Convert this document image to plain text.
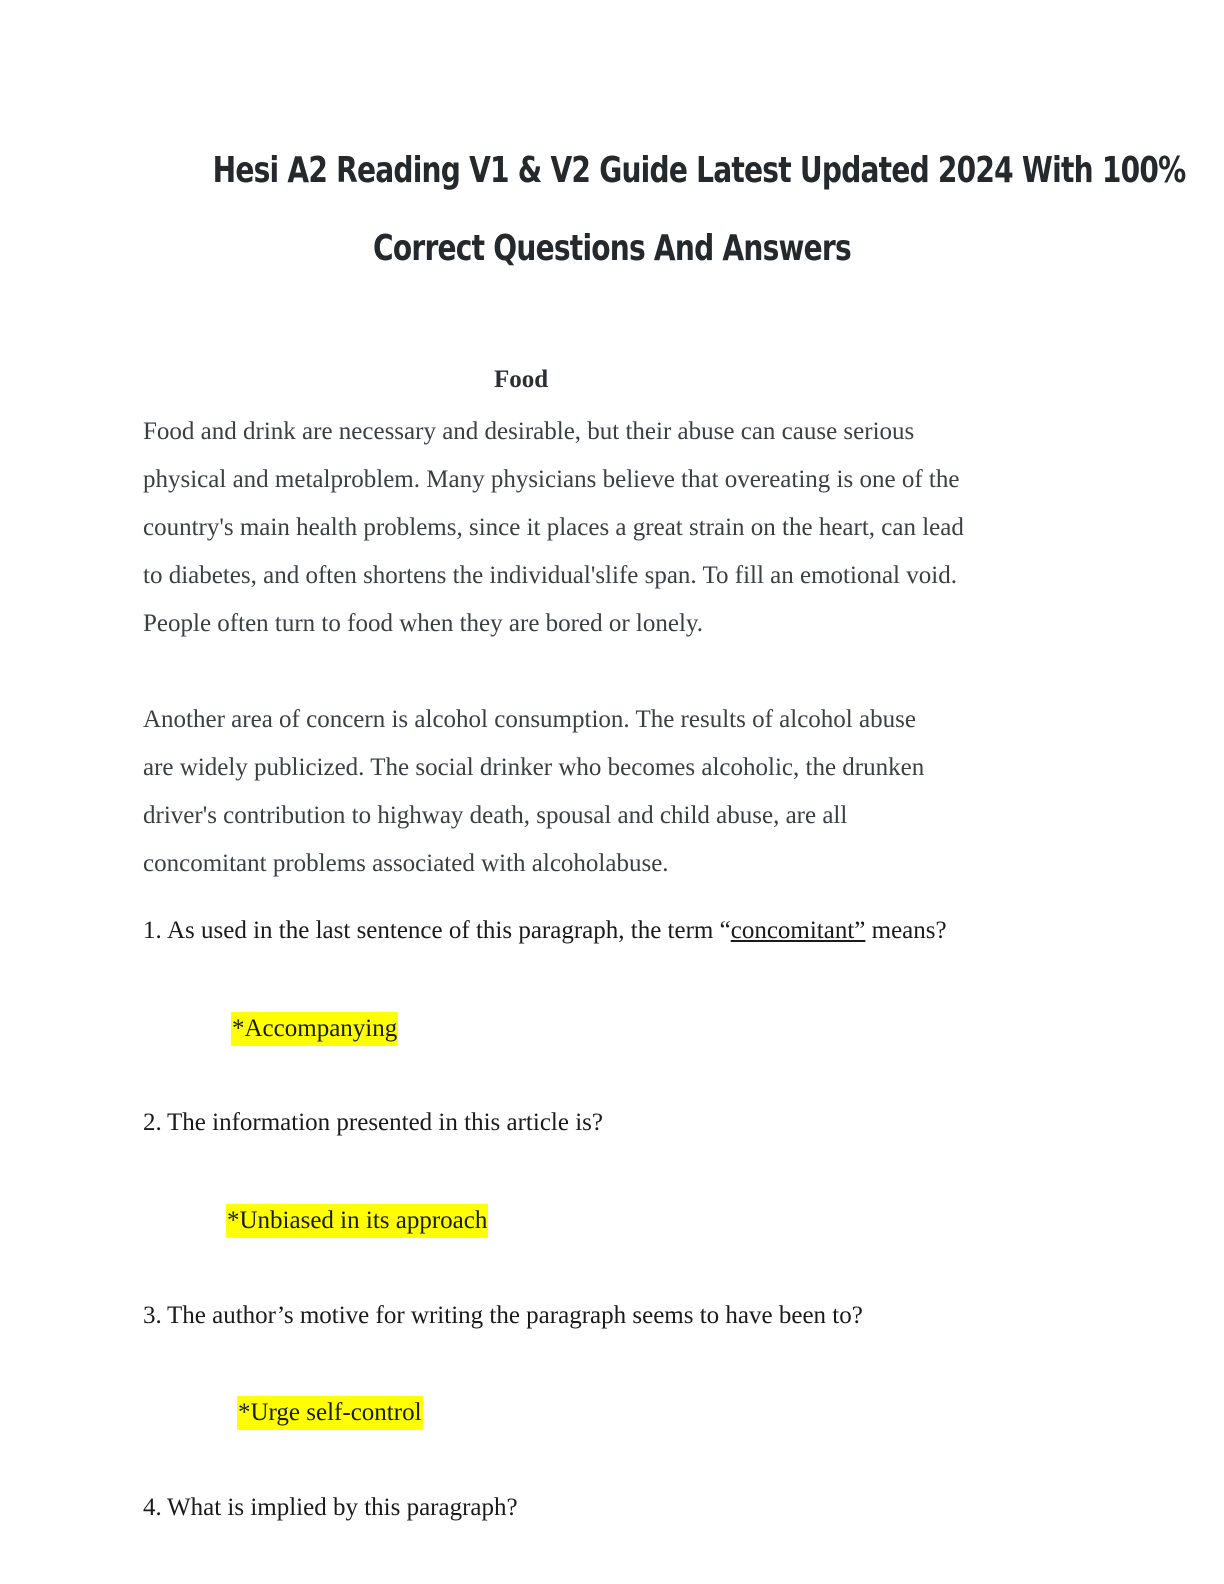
Hesi A2 Reading V1 & V2 Guide Latest Updated 2024 With 100%
Correct Questions And Answers
Food
Food and drink are necessary and desirable, but their abuse can cause serious
physical and metalproblem. Many physicians believe that overeating is one of the
country's main health problems, since it places a great strain on the heart, can lead
to diabetes, and often shortens the individual'slife span. To fill an emotional void.
People often turn to food when they are bored or lonely.
Another area of concern is alcohol consumption. The results of alcohol abuse
are widely publicized. The social drinker who becomes alcoholic, the drunken
driver's contribution to highway death, spousal and child abuse, are all
concomitant problems associated with alcoholabuse.
1. As used in the last sentence of this paragraph, the term “concomitant” means?
*Accompanying
2. The information presented in this article is?
*Unbiased in its approach
3. The author’s motive for writing the paragraph seems to have been to?
*Urge self-control
4. What is implied by this paragraph?
